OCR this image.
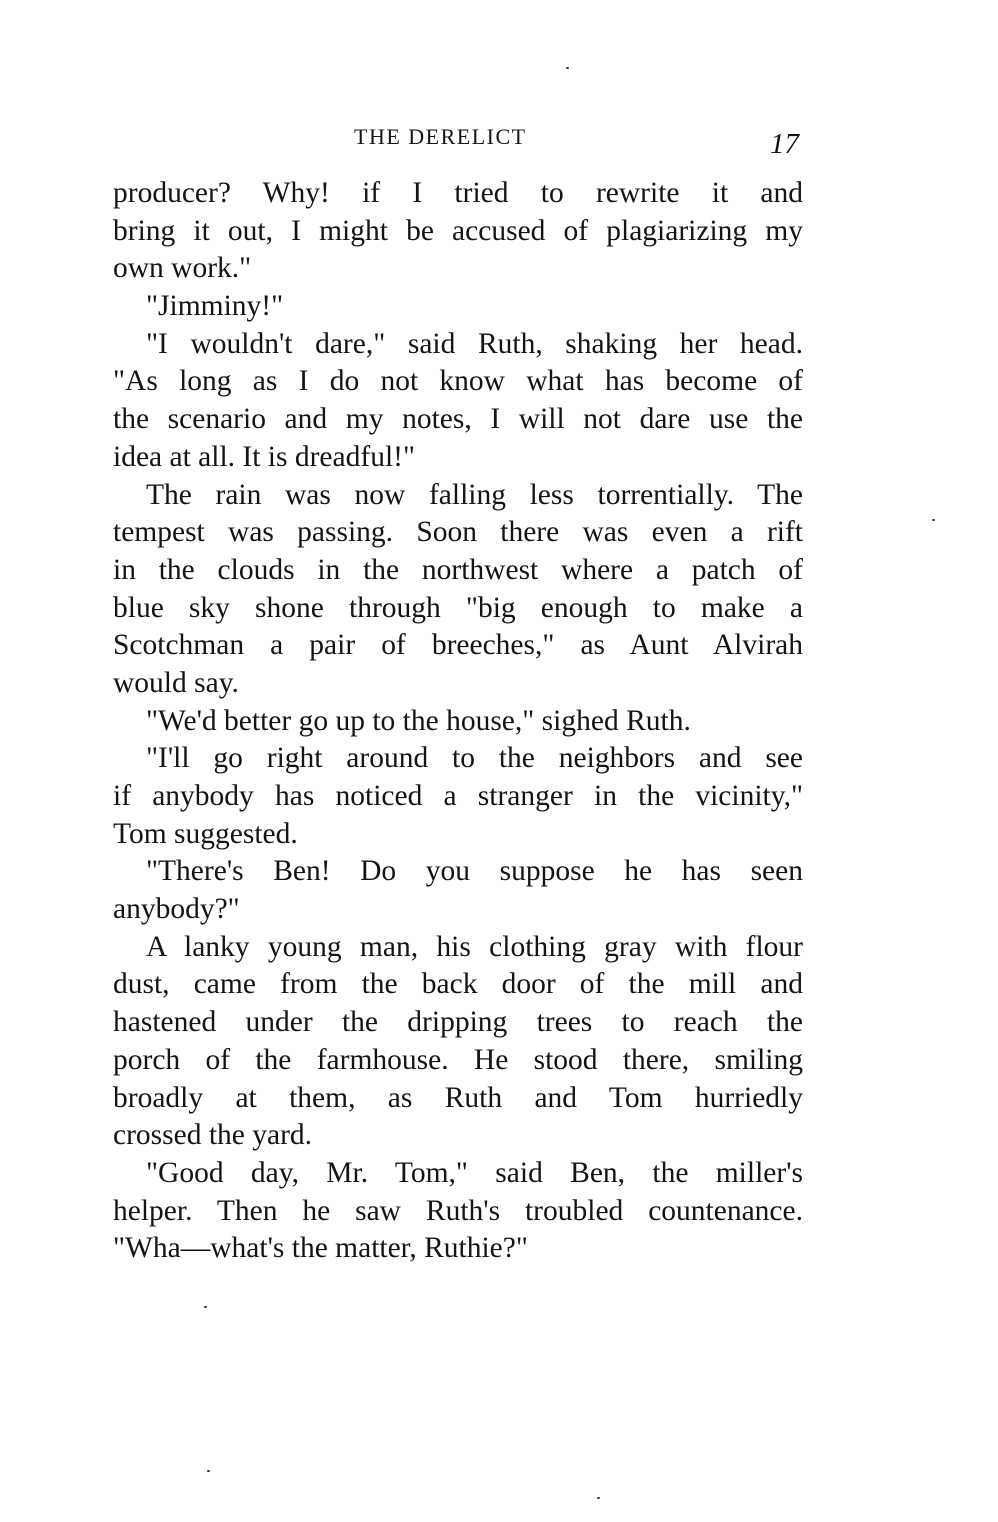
THE DERELICT	17
producer? Why! if I tried to rewrite it and
bring it out, I might be accused of plagiarizing my
own work."
"Jimminy!"
"I wouldn't dare," said Ruth, shaking her head.
"As long as I do not know what has become of
the scenario and my notes, I will not dare use the
idea at all. It is dreadful!"
The rain was now falling less torrentially. The
tempest was passing. Soon there was even a rift
in the clouds in the northwest where a patch of
blue sky shone through "big enough to make a
Scotchman a pair of breeches," as Aunt Alvirah
would say.
"We'd better go up to the house," sighed Ruth.
"I'll go right around to the neighbors and see
if anybody has noticed a stranger in the vicinity,"
Tom suggested.
"There's Ben! Do you suppose he has seen
anybody?"
A lanky young man, his clothing gray with flour
dust, came from the back door of the mill and
hastened under the dripping trees to reach the
porch of the farmhouse. He stood there, smiling
broadly at them, as Ruth and Tom hurriedly
crossed the yard.
"Good day, Mr. Tom," said Ben, the miller's
helper. Then he saw Ruth's troubled countenance.
"Wha—what's the matter, Ruthie?"
